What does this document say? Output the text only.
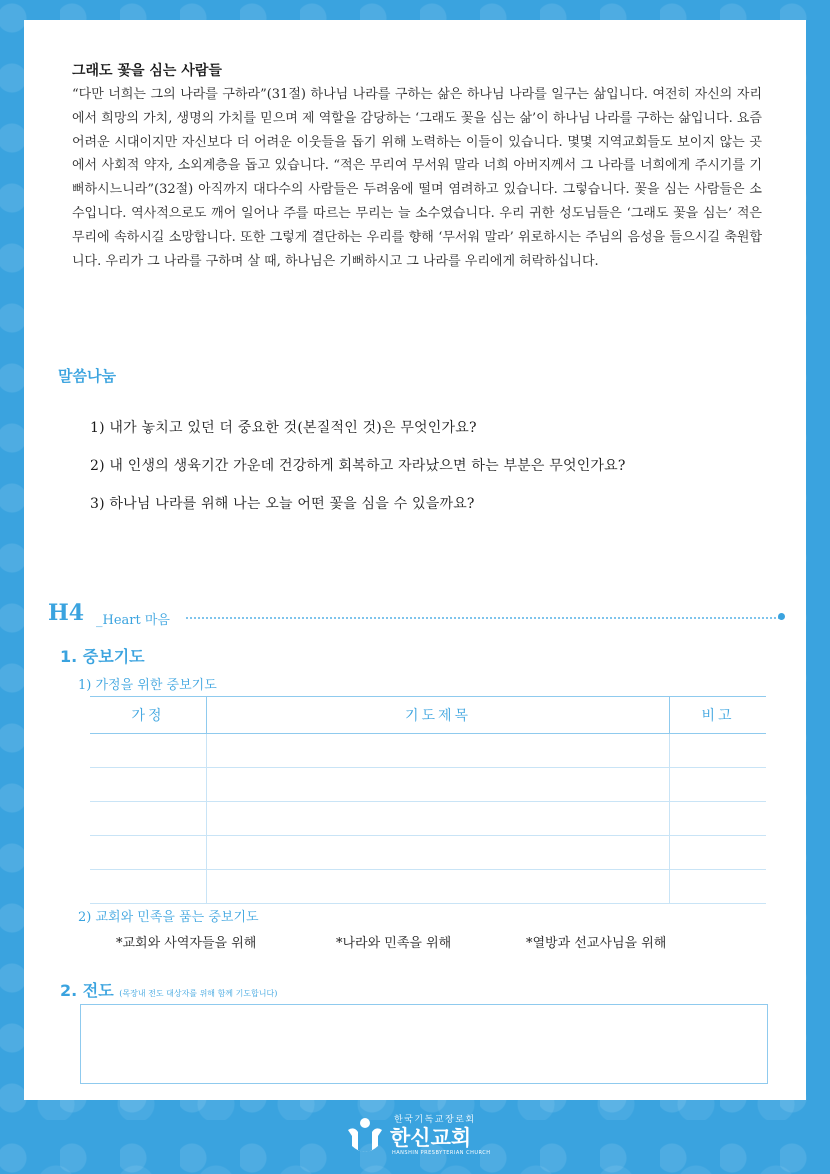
그래도 꽃을 심는 사람들

“다만 너희는 그의 나라를 구하라”(31절) 하나님 나라를 구하는 삶은 하나님 나라를 일구는 삶입니다. 여전히 자신의 자리에서 희망의 가치, 생명의 가치를 믿으며 제 역할을 감당하는 ‘그래도 꽃을 심는 삶’이 하나님 나라를 구하는 삶입니다. 요즘 어려운 시대이지만 자신보다 더 어려운 이웃들을 돕기 위해 노력하는 이들이 있습니다. 몇몇 지역교회들도 보이지 않는 곳에서 사회적 약자, 소외계층을 돕고 있습니다. “적은 무리여 무서워 말라 너희 아버지께서 그 나라를 너희에게 주시기를 기뻐하시느니라”(32절) 아직까지 대다수의 사람들은 두려움에 떨며 염려하고 있습니다. 그렇습니다. 꽃을 심는 사람들은 소수입니다. 역사적으로도 깨어 일어나 주를 따르는 무리는 늘 소수였습니다. 우리 귀한 성도님들은 ‘그래도 꽃을 심는’ 적은 무리에 속하시길 소망합니다. 또한 그렇게 결단하는 우리를 향해 ‘무서워 말라’ 위로하시는 주님의 음성을 들으시길 축원합니다. 우리가 그 나라를 구하며 살 때, 하나님은 기뻐하시고 그 나라를 우리에게 허락하십니다.

말씀나눔
1) 내가 놓치고 있던 더 중요한 것(본질적인 것)은 무엇인가요?
2) 내 인생의 생육기간 가운데 건강하게 회복하고 자라났으면 하는 부분은 무엇인가요?
3) 하나님 나라를 위해 나는 오늘 어떤 꽃을 심을 수 있을까요?
H4 _Heart 마음
1. 중보기도
1) 가정을 위한 중보기도
가정	기도제목	비고

2) 교회와 민족을 품는 중보기도
*교회와 사역자들을 위해	*나라와 민족을 위해	*열방과 선교사님을 위해
2. 전도 (목장내 전도 대상자를 위해 함께 기도합니다)
한국기독교장로회
한신교회
HANSHIN PRESBYTERIAN CHURCH
